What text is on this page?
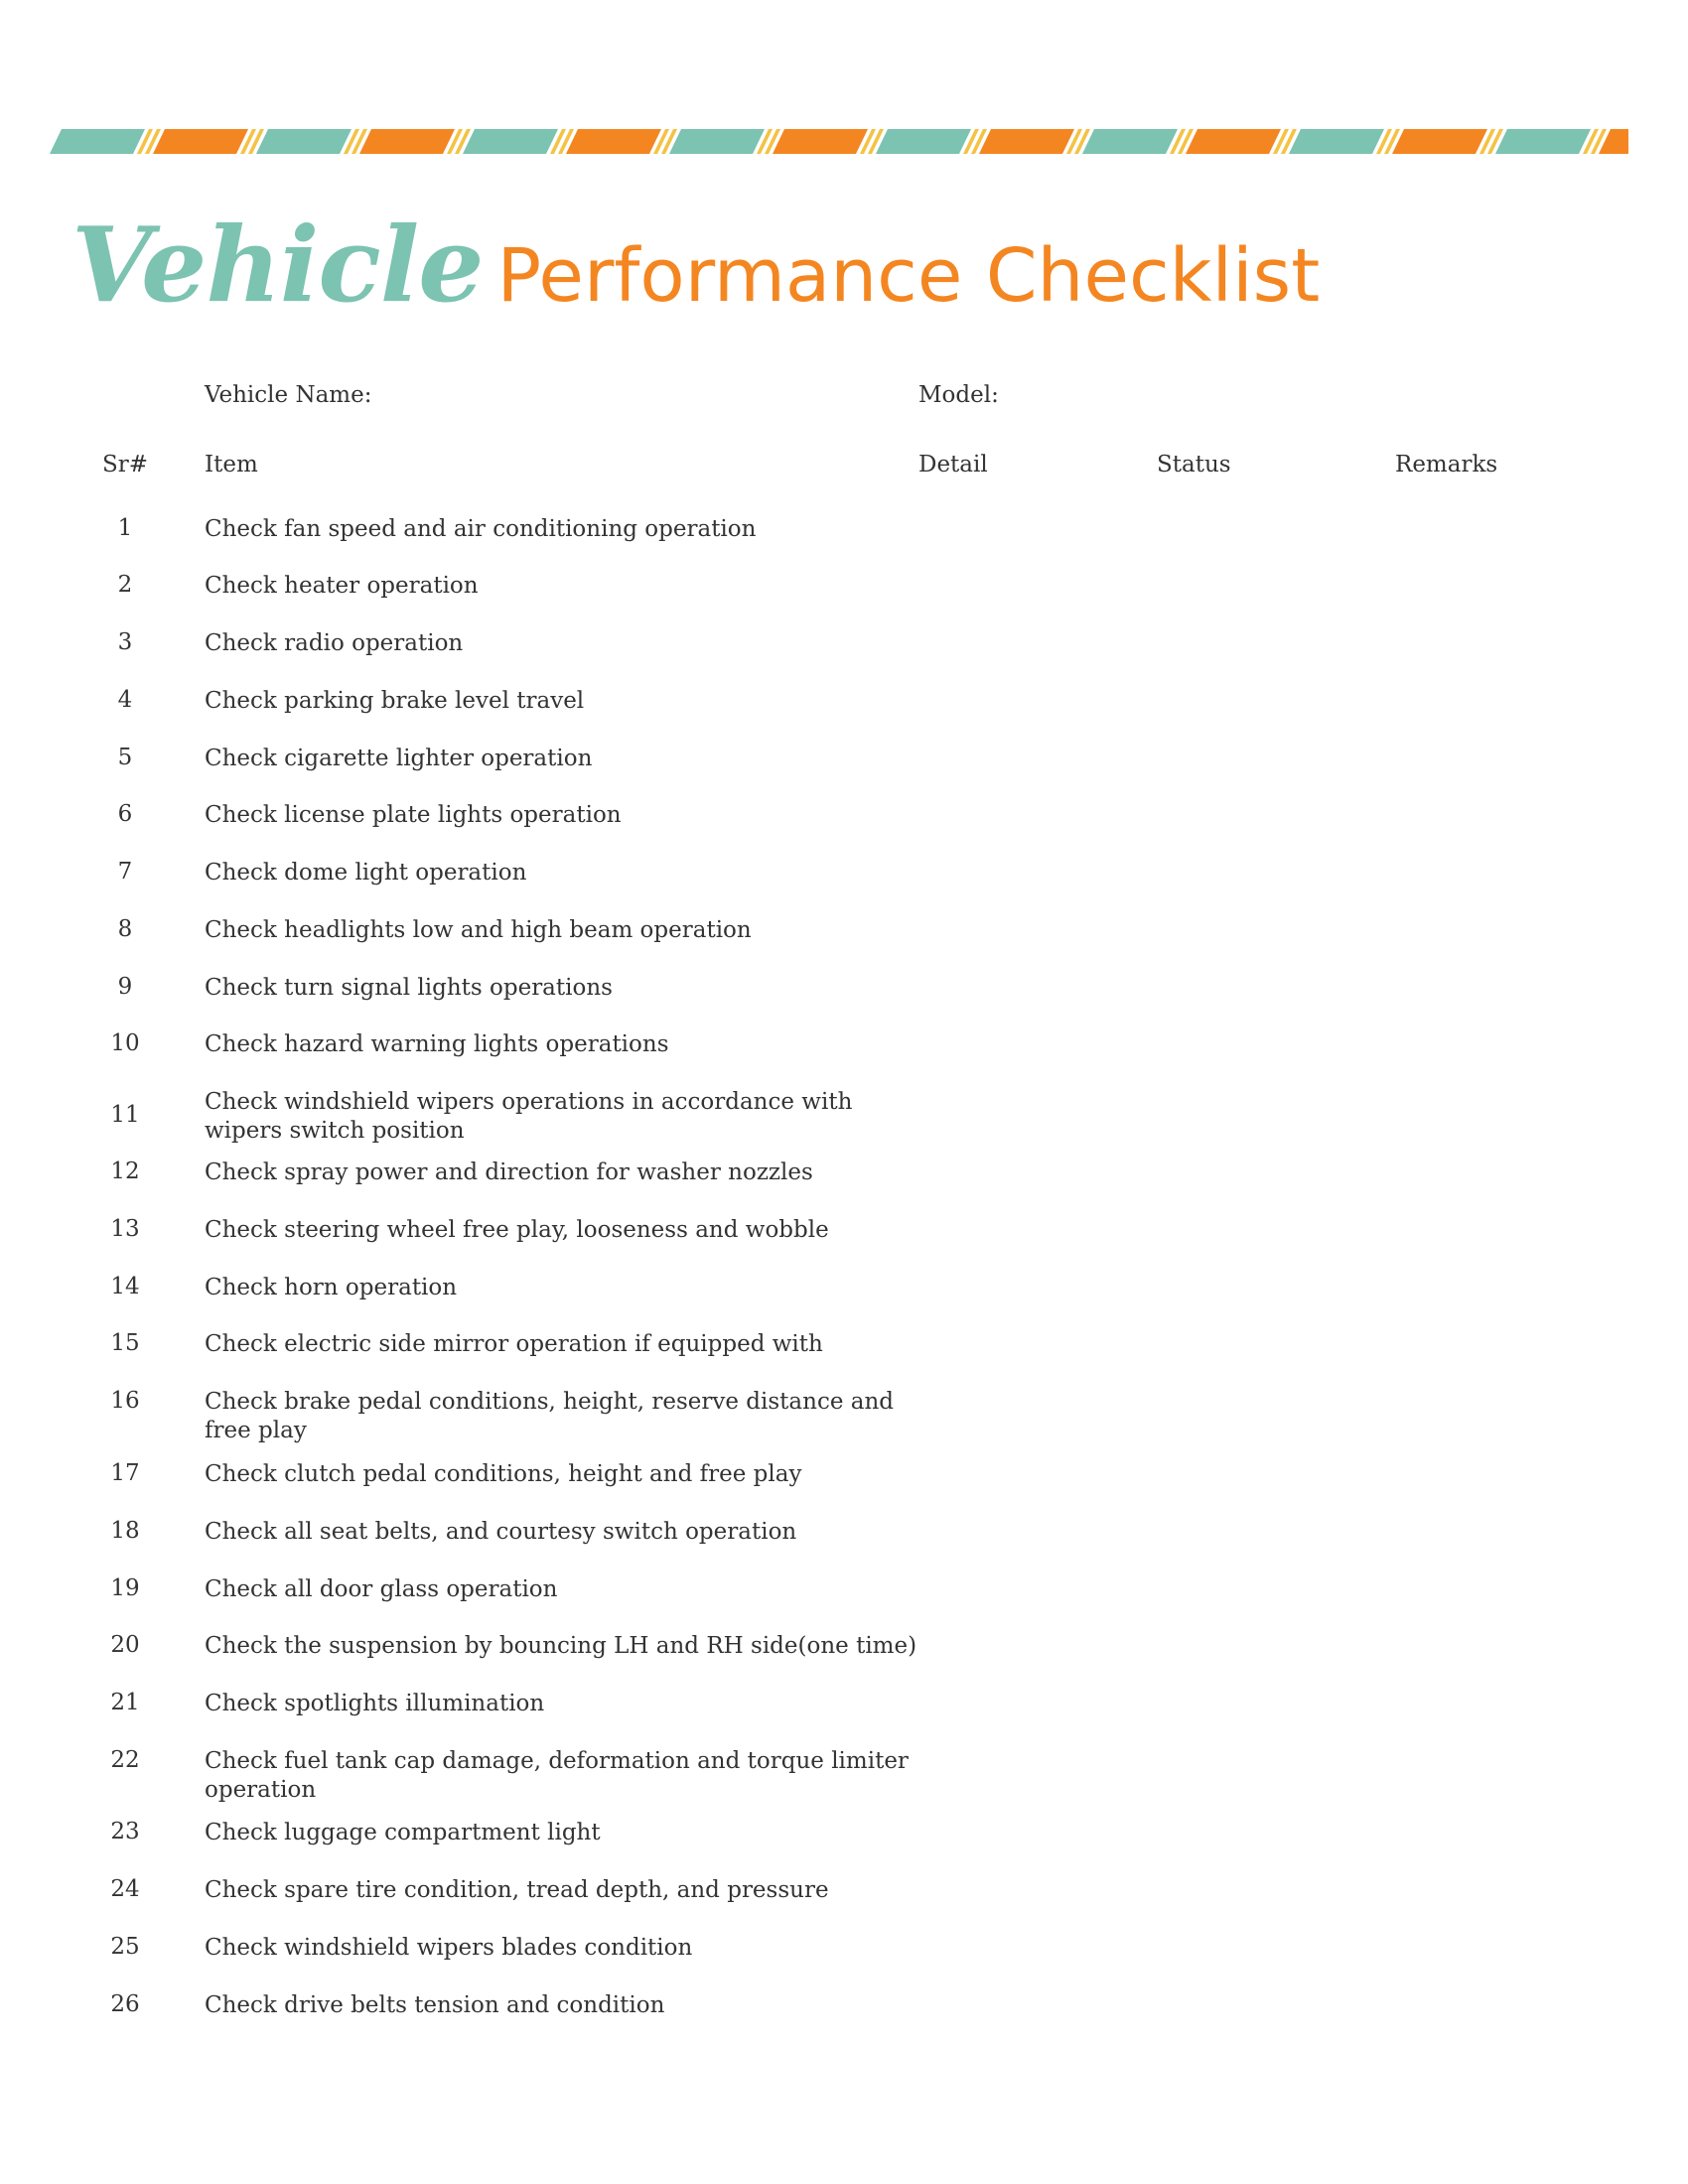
Vehicle Performance Checklist
Vehicle Name:	Model:
Sr#	Item	Detail	Status	Remarks
1	Check fan speed and air conditioning operation
2	Check heater operation
3	Check radio operation
4	Check parking brake level travel
5	Check cigarette lighter operation
6	Check license plate lights operation
7	Check dome light operation
8	Check headlights low and high beam operation
9	Check turn signal lights operations
10	Check hazard warning lights operations
11	Check windshield wipers operations in accordance with wipers switch position
12	Check spray power and direction for washer nozzles
13	Check steering wheel free play, looseness and wobble
14	Check horn operation
15	Check electric side mirror operation if equipped with
16	Check brake pedal conditions, height, reserve distance and free play
17	Check clutch pedal conditions, height and free play
18	Check all seat belts, and courtesy switch operation
19	Check all door glass operation
20	Check the suspension by bouncing LH and RH side(one time)
21	Check spotlights illumination
22	Check fuel tank cap damage, deformation and torque limiter operation
23	Check luggage compartment light
24	Check spare tire condition, tread depth, and pressure
25	Check windshield wipers blades condition
26	Check drive belts tension and condition
